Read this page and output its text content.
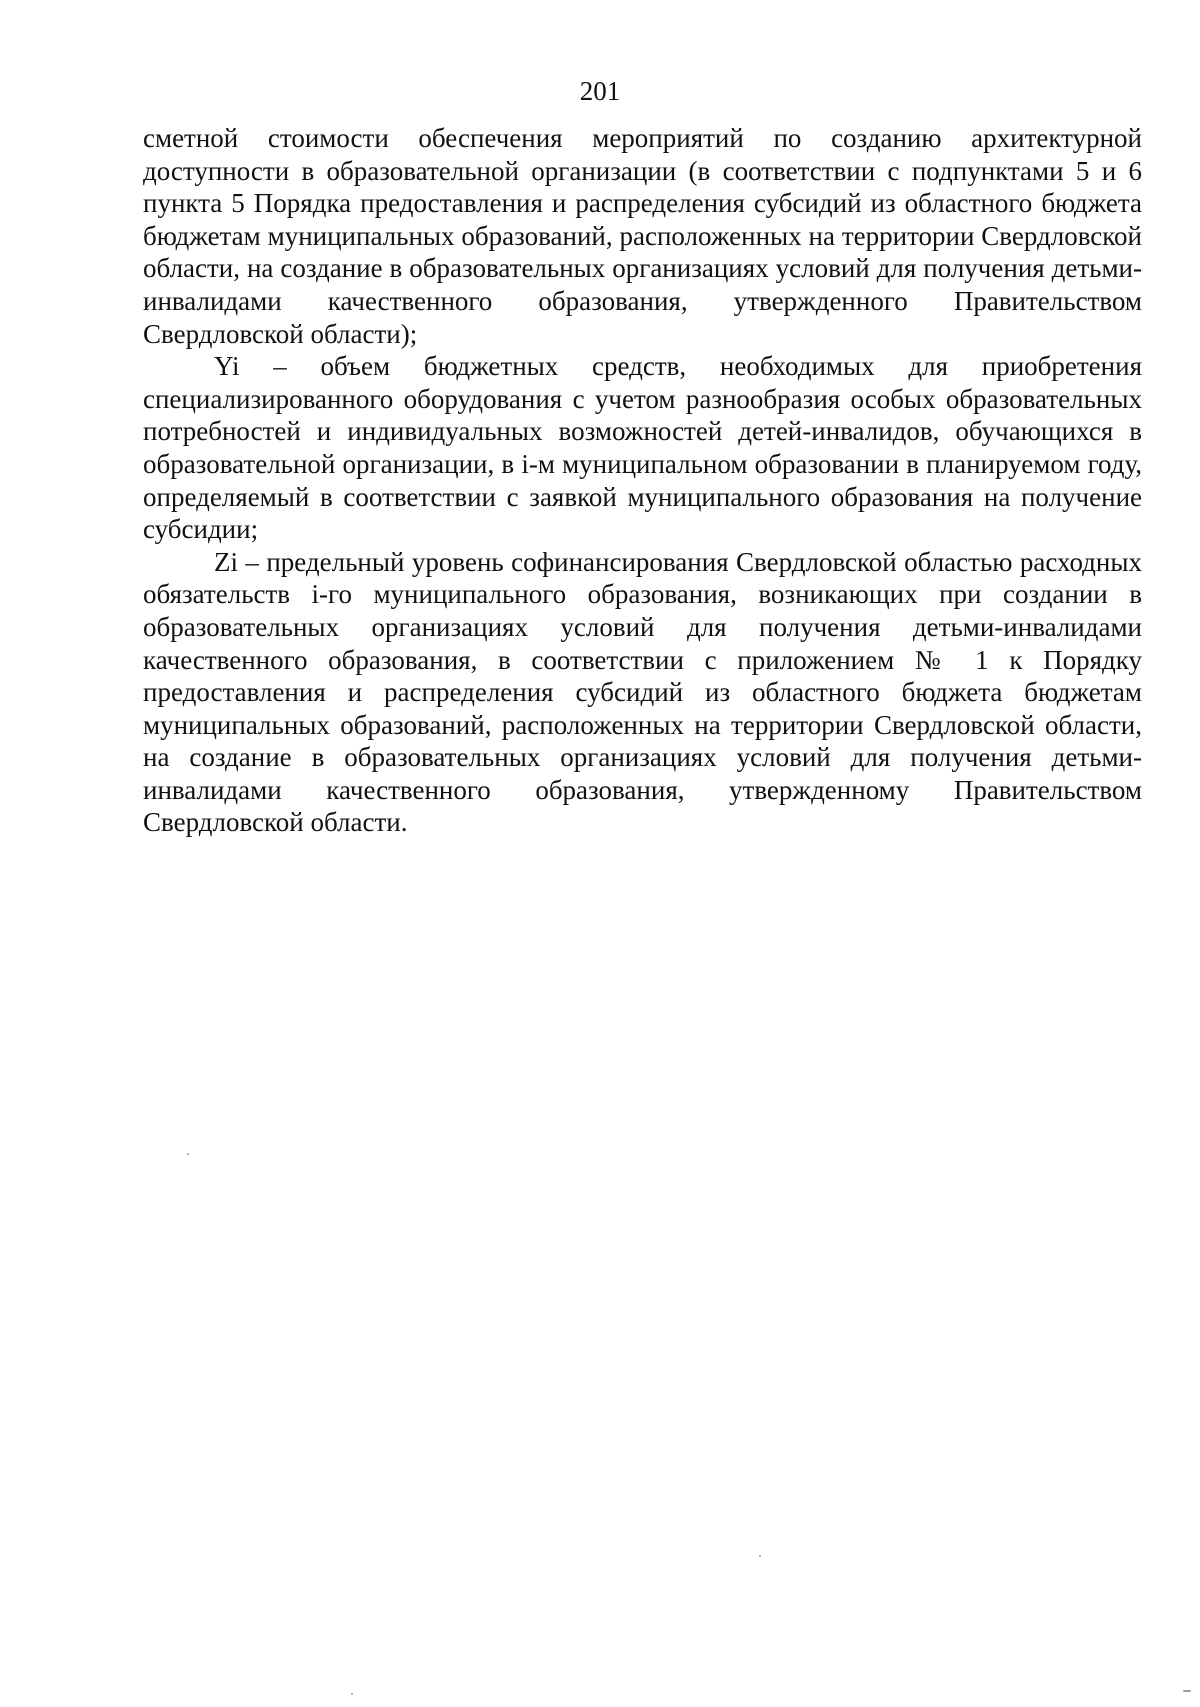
201

сметной стоимости обеспечения мероприятий по созданию архитектурной доступности в образовательной организации (в соответствии с подпунктами 5 и 6 пункта 5 Порядка предоставления и распределения субсидий из областного бюджета бюджетам муниципальных образований, расположенных на территории Свердловской области, на создание в образовательных организациях условий для получения детьми-инвалидами качественного образования, утвержденного Правительством Свердловской области);

Yi – объем бюджетных средств, необходимых для приобретения специализированного оборудования с учетом разнообразия особых образовательных потребностей и индивидуальных возможностей детей-инвалидов, обучающихся в образовательной организации, в i-м муниципальном образовании в планируемом году, определяемый в соответствии с заявкой муниципального образования на получение субсидии;

Zi – предельный уровень софинансирования Свердловской областью расходных обязательств i-го муниципального образования, возникающих при создании в образовательных организациях условий для получения детьми-инвалидами качественного образования, в соответствии с приложением № 1 к Порядку предоставления и распределения субсидий из областного бюджета бюджетам муниципальных образований, расположенных на территории Свердловской области, на создание в образовательных организациях условий для получения детьми-инвалидами качественного образования, утвержденному Правительством Свердловской области.
